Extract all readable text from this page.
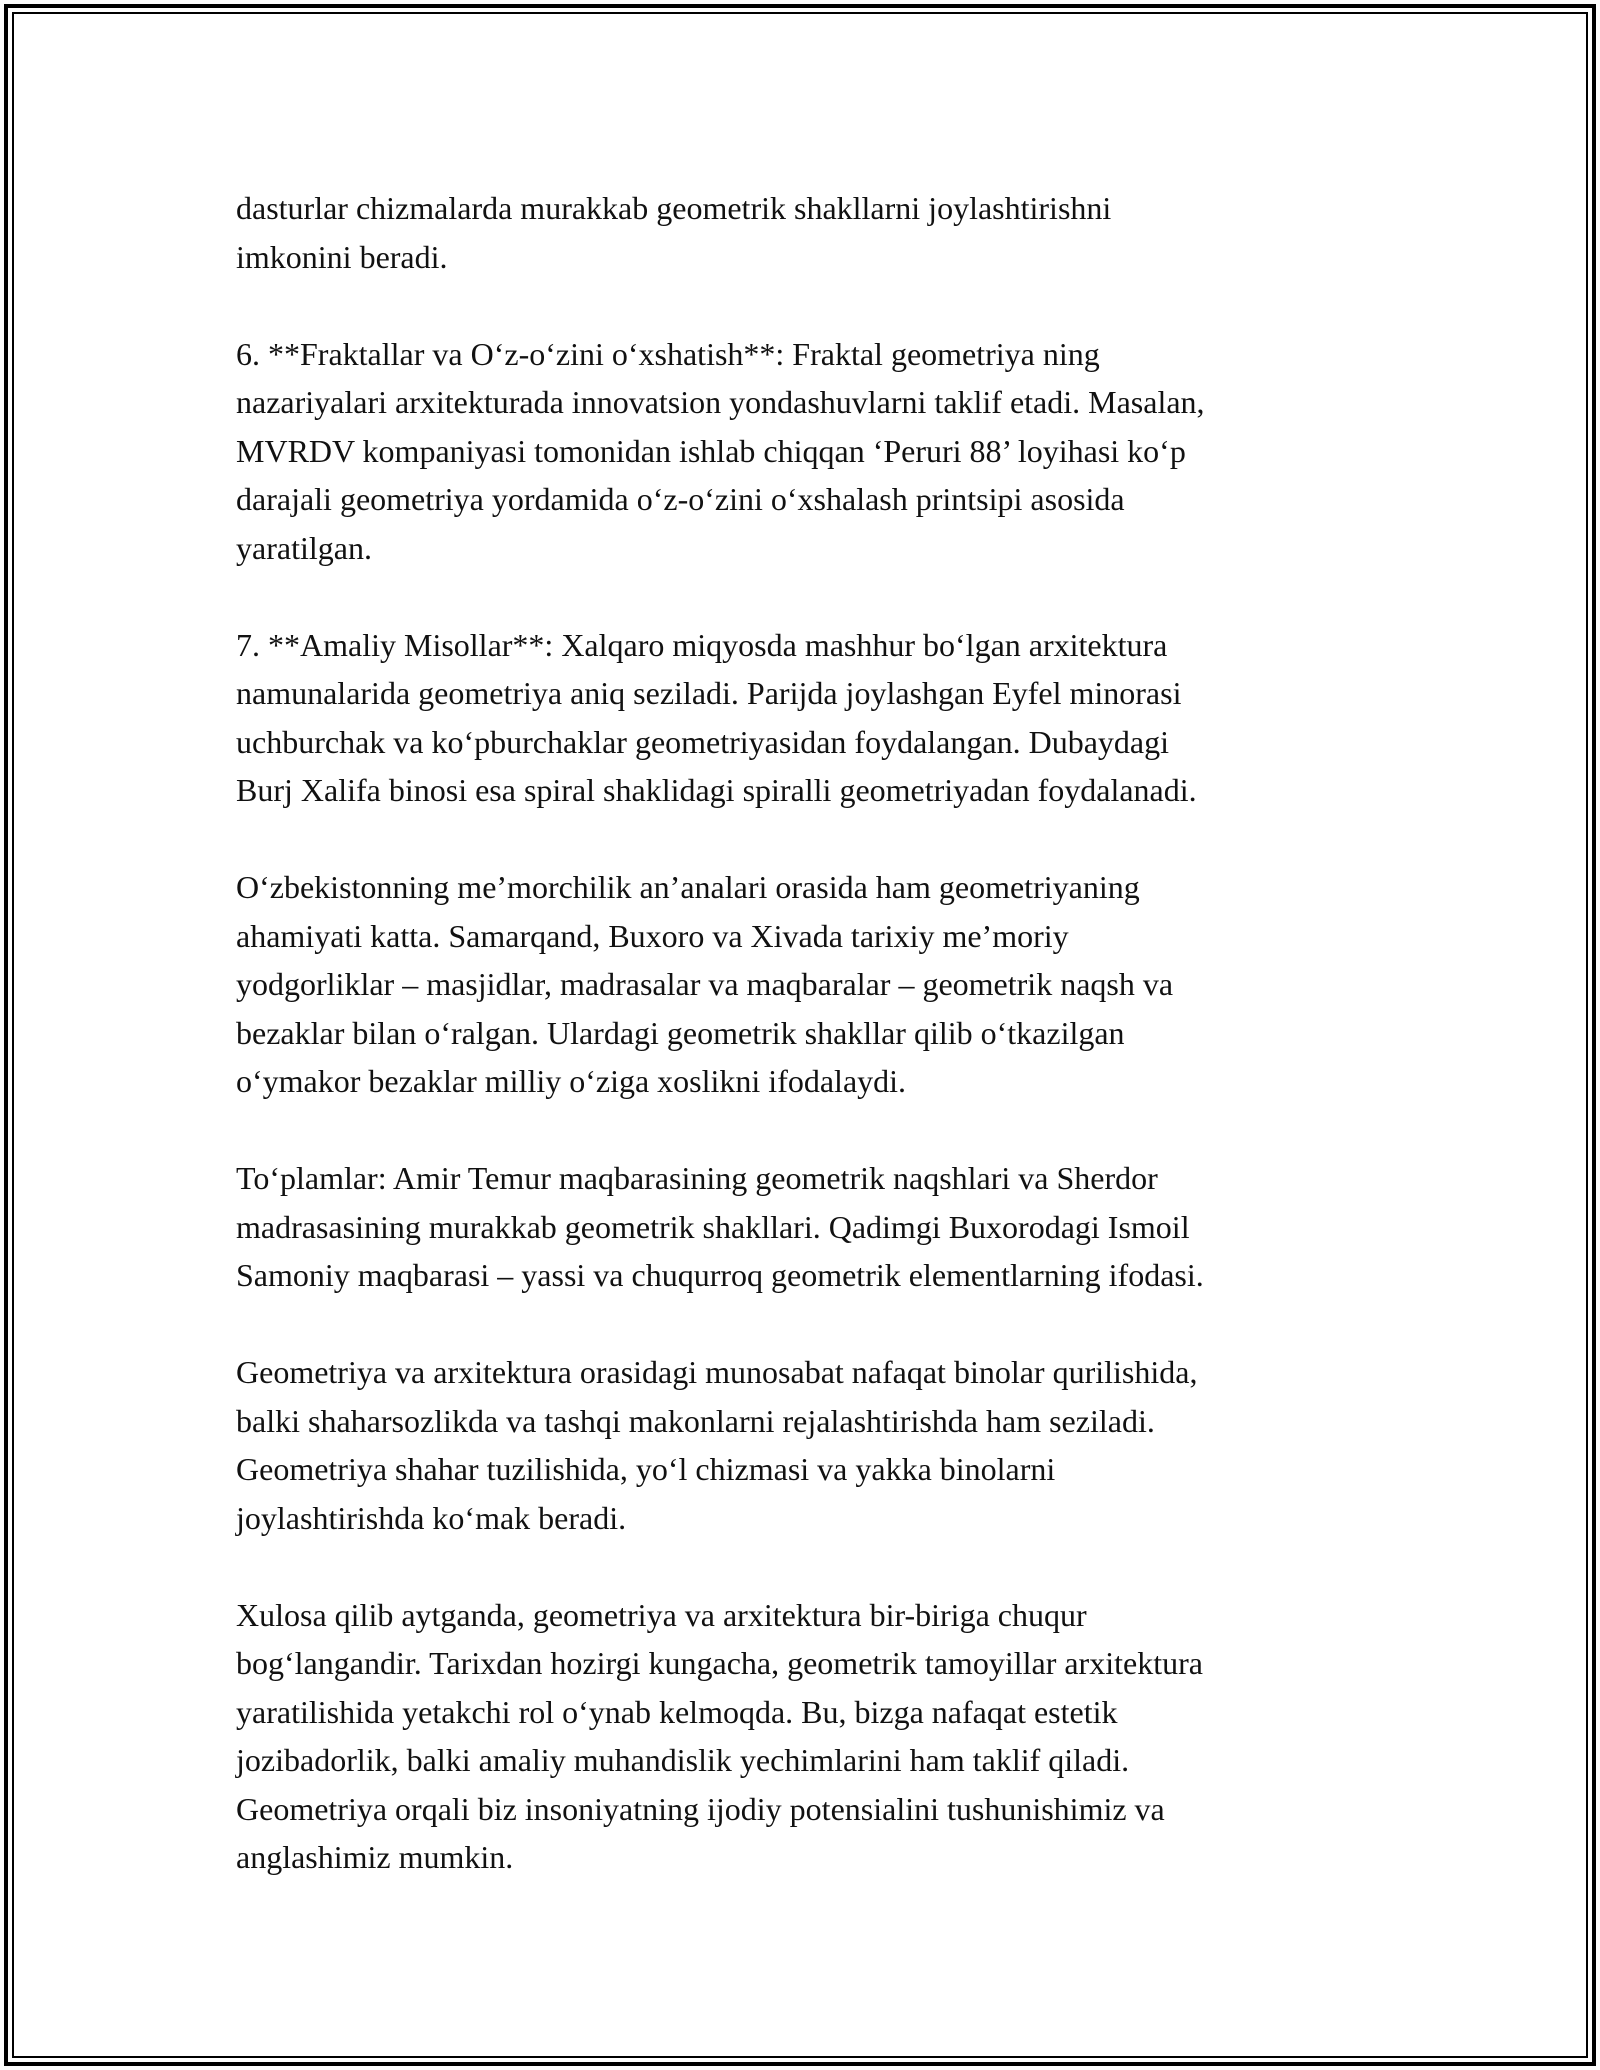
dasturlar chizmalarda murakkab geometrik shakllarni joylashtirishni
imkonini beradi.

6. **Fraktallar va O‘z-o‘zini o‘xshatish**: Fraktal geometriya ning
nazariyalari arxitekturada innovatsion yondashuvlarni taklif etadi. Masalan,
MVRDV kompaniyasi tomonidan ishlab chiqqan ‘Peruri 88’ loyihasi ko‘p
darajali geometriya yordamida o‘z-o‘zini o‘xshalash printsipi asosida
yaratilgan.

7. **Amaliy Misollar**: Xalqaro miqyosda mashhur bo‘lgan arxitektura
namunalarida geometriya aniq seziladi. Parijda joylashgan Eyfel minorasi
uchburchak va ko‘pburchaklar geometriyasidan foydalangan. Dubaydagi
Burj Xalifa binosi esa spiral shaklidagi spiralli geometriyadan foydalanadi.

O‘zbekistonning me’morchilik an’analari orasida ham geometriyaning
ahamiyati katta. Samarqand, Buxoro va Xivada tarixiy me’moriy
yodgorliklar – masjidlar, madrasalar va maqbaralar – geometrik naqsh va
bezaklar bilan o‘ralgan. Ulardagi geometrik shakllar qilib o‘tkazilgan
o‘ymakor bezaklar milliy o‘ziga xoslikni ifodalaydi.

To‘plamlar: Amir Temur maqbarasining geometrik naqshlari va Sherdor
madrasasining murakkab geometrik shakllari. Qadimgi Buxorodagi Ismoil
Samoniy maqbarasi – yassi va chuqurroq geometrik elementlarning ifodasi.

Geometriya va arxitektura orasidagi munosabat nafaqat binolar qurilishida,
balki shaharsozlikda va tashqi makonlarni rejalashtirishda ham seziladi.
Geometriya shahar tuzilishida, yo‘l chizmasi va yakka binolarni
joylashtirishda ko‘mak beradi.

Xulosa qilib aytganda, geometriya va arxitektura bir-biriga chuqur
bog‘langandir. Tarixdan hozirgi kungacha, geometrik tamoyillar arxitektura
yaratilishida yetakchi rol o‘ynab kelmoqda. Bu, bizga nafaqat estetik
jozibadorlik, balki amaliy muhandislik yechimlarini ham taklif qiladi.
Geometriya orqali biz insoniyatning ijodiy potensialini tushunishimiz va
anglashimiz mumkin.
